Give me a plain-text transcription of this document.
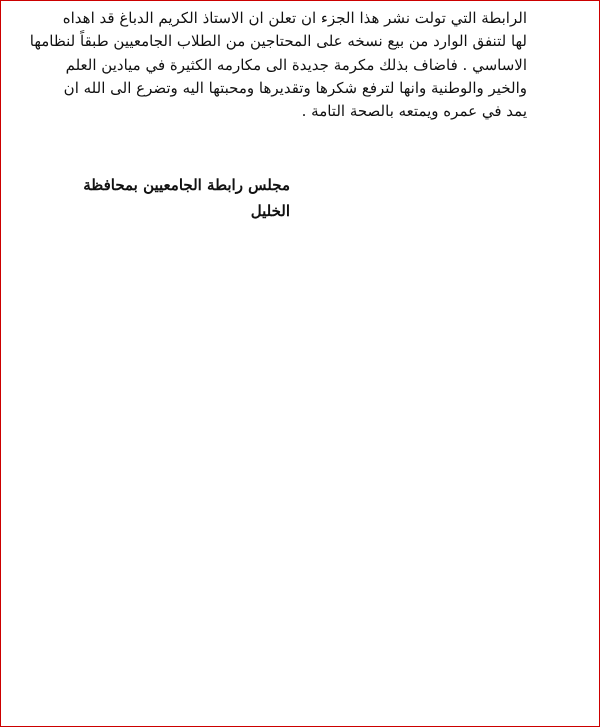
الرابطة التي تولت نشر هذا الجزء ان تعلن ان الاستاذ الكريم الدباغ قد اهداه
لها لتنفق الوارد من بيع نسخه على المحتاجين من الطلاب الجامعيين طبقاً لنظامها
الاساسي . فاضاف بذلك مكرمة جديدة الى مكارمه الكثيرة في ميادين العلم
والخير والوطنية وانها لترفع شكرها وتقديرها ومحبتها اليه وتضرع الى الله ان
يمد في عمره ويمتعه بالصحة التامة .
مجلس رابطة الجامعيين بمحافظة
الخليل
